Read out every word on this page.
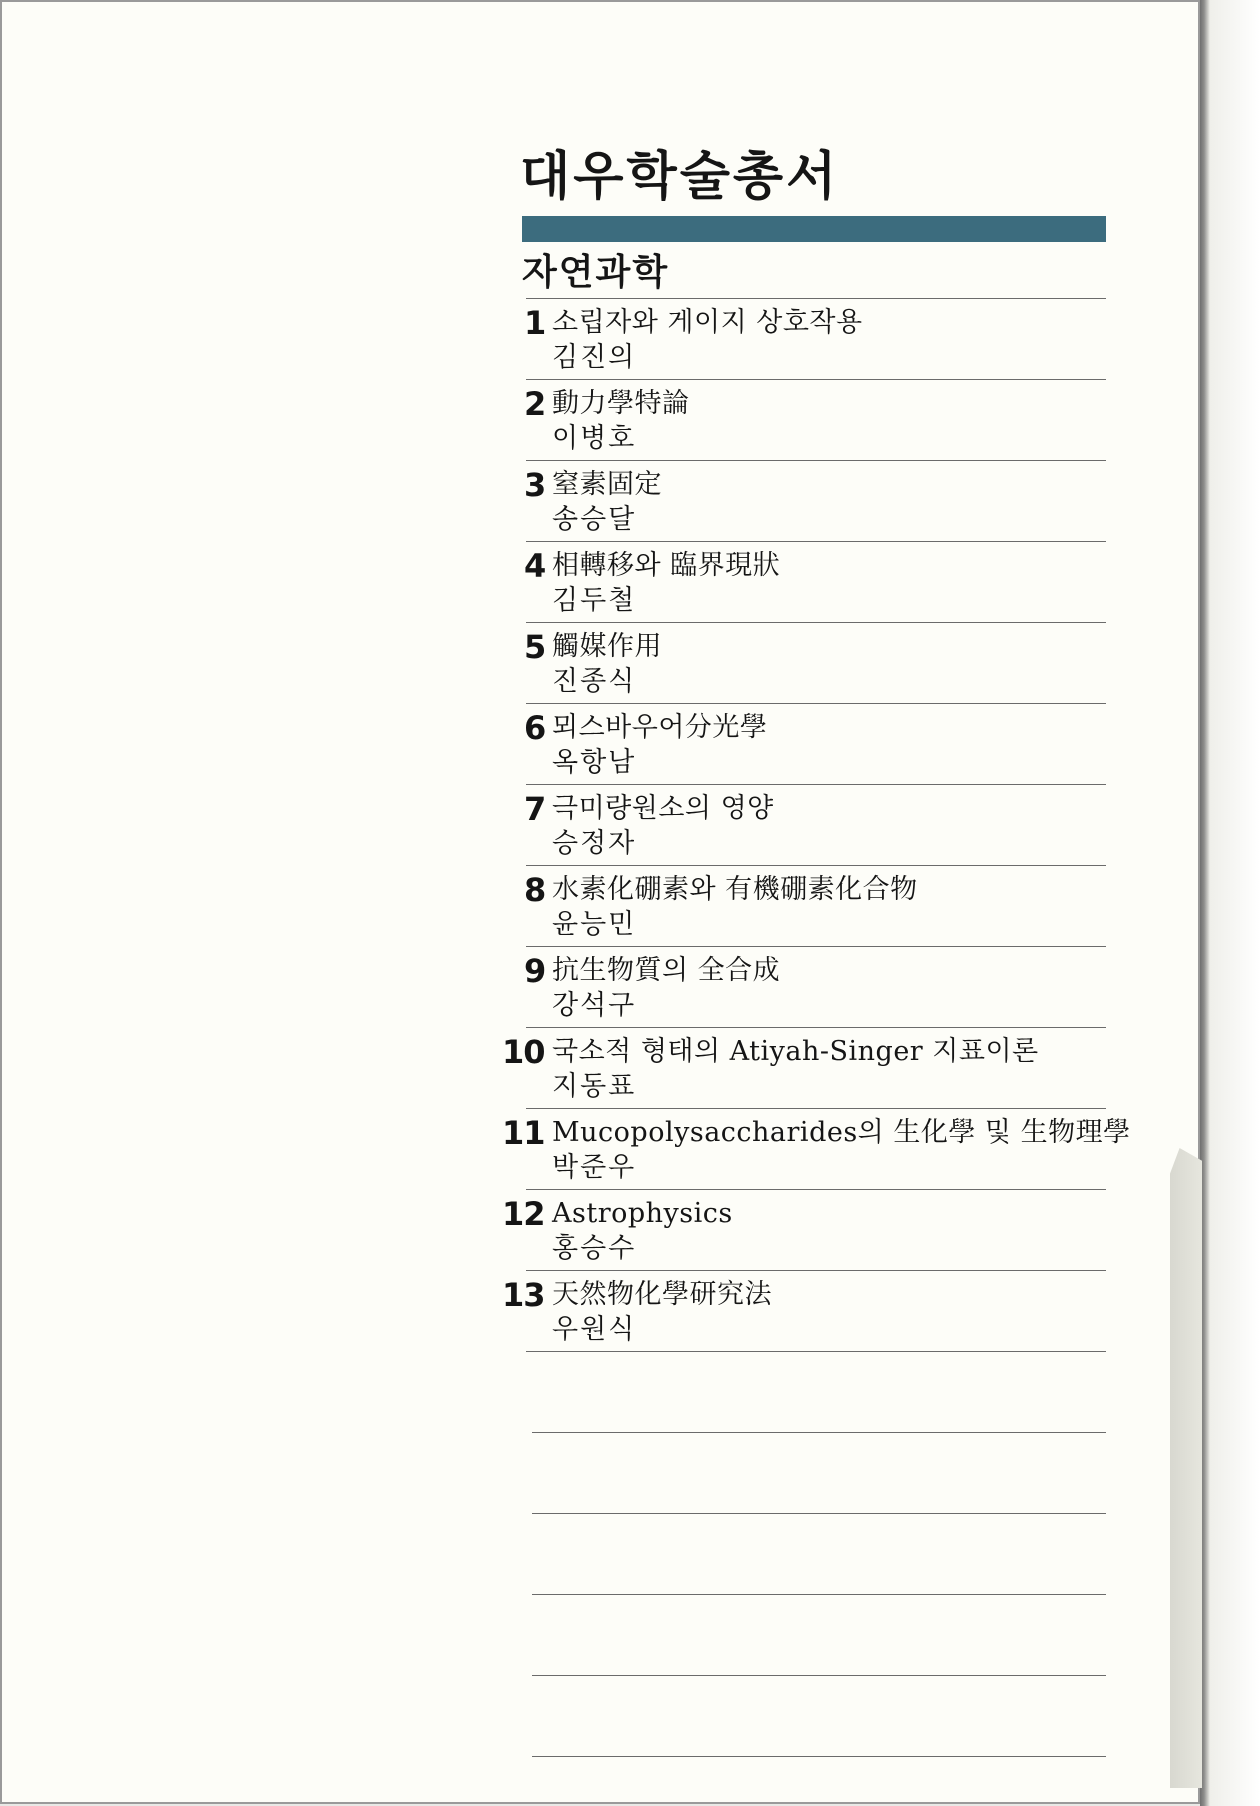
대우학술총서
자연과학
1 소립자와 게이지 상호작용
김진의
2 動力學特論
이병호
3 窒素固定
송승달
4 相轉移와 臨界現狀
김두철
5 觸媒作用
진종식
6 뫼스바우어分光學
옥항남
7 극미량원소의 영양
승정자
8 水素化硼素와 有機硼素化合物
윤능민
9 抗生物質의 全合成
강석구
10 국소적 형태의 Atiyah-Singer 지표이론
지동표
11 Mucopolysaccharides의 生化學 및 生物理學
박준우
12 Astrophysics
홍승수
13 天然物化學研究法
우원식
